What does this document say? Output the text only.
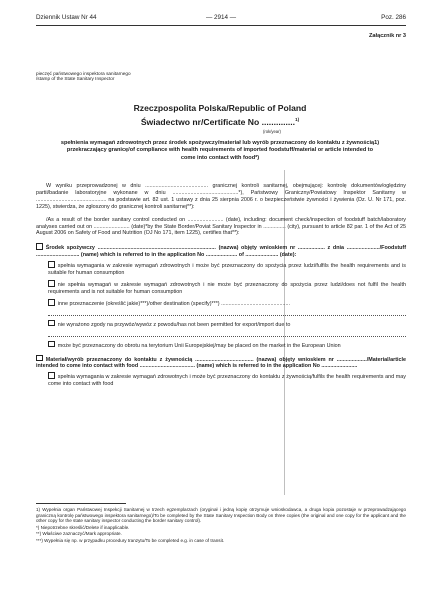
Dziennik Ustaw Nr 44	— 2914 —	Poz. 286
Załącznik nr 3
pieczęć państwowego inspektora sanitarnego
/stamp of the State Sanitary Inspector
Rzeczpospolita Polska/Republic of Poland
Świadectwo nr/Certificate No ..............$^{1)}$
(rok/year)
spełnienia wymagań zdrowotnych przez środek spożywczy/materiał lub wyrób przeznaczony do kontaktu z żywnością1) przekraczający granicę/of compliance with health requirements of imported foodstuff/material or article intended to come into contact with food*)

W wyniku przeprowadzonej w dniu .......................................... granicznej kontroli sanitarnej, obejmującej: kontrolę dokumentów/oględziny partii/badanie laboratoryjne wykonane w dniu ............................................*), Państwowy Graniczny/Powiatowy Inspektor Sanitarny w ............................................... na podstawie art. 82 ust. 1 ustawy z dnia 25 sierpnia 2006 r. o bezpieczeństwie żywności i żywienia (Dz. U. Nr 171, poz. 1225), stwierdza, że zgłoszony do granicznej kontroli sanitarnej**):

/As a result of the border sanitary control conducted on ........................ (date), including: document check/inspection of foodstuff batch/laboratory analyses carried out on ........................ (date)*by the State Border/Poviat Sanitary Inspector in ............... (city), pursuant to article 82 par. 1 of the Act of 25 August 2006 on Safety of Food and Nutrition (OJ No 171, item 1225), certifies that**):

Środek spożywczy ............................................................................... (nazwa) objęty wnioskiem nr .................. z dnia ....................../Foodstuff ............................. (name) which is referred to in the application No ..................... of ...................... (date):
spełnia wymagania w zakresie wymagań zdrowotnych i może być przeznaczony do spożycia przez ludzi/fulfils the health requirements and is suitable for human consumption
nie spełnia wymagań w zakresie wymagań zdrowotnych i nie może być przeznaczony do spożycia przez ludzi/does not fulfil the health requirements and is not suitable for human consumption
inne przeznaczenie (określić jakie)***)/other destination (specify)***) ..............................................
nie wyrażono zgody na przywóz/wywóz z powodu/has not been permitted for export/import due to
może być przeznaczony do obrotu na terytorium Unii Europejskiej/may be placed on the market in the European Union
Materiał/wyrób przeznaczony do kontaktu z żywnością ....................................... (nazwa) objęty wnioskiem nr ..................../Material/article intended to come into contact with food ..................................... (name) which is referred to in the application No ........................
spełnia wymagania w zakresie wymagań zdrowotnych i może być przeznaczony do kontaktu z żywnością/fulfils the health requirements and may come into contact with food

1) Wypełnia organ Państwowej Inspekcji Sanitarnej w trzech egzemplarzach (oryginał i jedną kopię otrzymuje wnioskodawca, a druga kopia pozostaje w przeprowadzającego graniczną kontrolę państwowego inspektora sanitarnego)/To be completed by the State Sanitary Inspection Body on three copies (the original and one copy for the applicant and the other copy for the state sanitary inspector conducting the border sanitary control).

*) Niepotrzebne skreślić/Delete if inapplicable.

**) Właściwe zaznaczyć/Mark appropriate.

***) Wypełnia się np. w przypadku procedury tranzytu/To be completed e.g. in case of transit.
